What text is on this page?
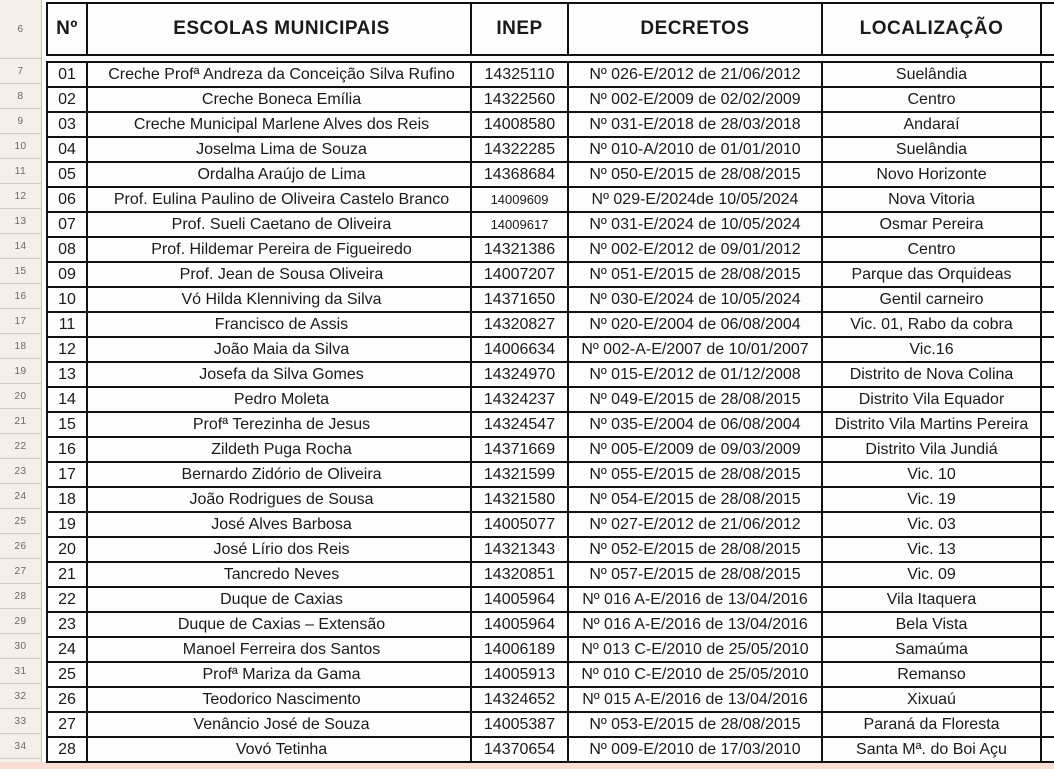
6
7
8
9
10
11
12
13
14
15
16
17
18
19
20
21
22
23
24
25
26
27
28
29
30
31
32
33
34
Nº	ESCOLAS MUNICIPAIS	INEP	DECRETOS	LOCALIZAÇÃO
01	Creche Profª Andreza da Conceição Silva Rufino	14325110	Nº 026-E/2012 de 21/06/2012	Suelândia
02	Creche Boneca Emília	14322560	Nº 002-E/2009 de 02/02/2009	Centro
03	Creche Municipal Marlene Alves dos Reis	14008580	Nº 031-E/2018 de 28/03/2018	Andaraí
04	Joselma Lima de Souza	14322285	Nº 010-A/2010 de 01/01/2010	Suelândia
05	Ordalha Araújo de Lima	14368684	Nº 050-E/2015 de 28/08/2015	Novo Horizonte
06	Prof. Eulina Paulino de Oliveira Castelo Branco	14009609	Nº 029-E/2024de 10/05/2024	Nova Vitoria
07	Prof. Sueli Caetano de Oliveira	14009617	Nº 031-E/2024 de 10/05/2024	Osmar Pereira
08	Prof. Hildemar Pereira de Figueiredo	14321386	Nº 002-E/2012 de 09/01/2012	Centro
09	Prof. Jean de Sousa Oliveira	14007207	Nº 051-E/2015 de 28/08/2015	Parque das Orquideas
10	Vó Hilda Klenniving da Silva	14371650	Nº 030-E/2024 de 10/05/2024	Gentil carneiro
11	Francisco de Assis	14320827	Nº 020-E/2004 de 06/08/2004	Vic. 01, Rabo da cobra
12	João Maia da Silva	14006634	Nº 002-A-E/2007 de 10/01/2007	Vic.16
13	Josefa da Silva Gomes	14324970	Nº 015-E/2012 de 01/12/2008	Distrito de Nova Colina
14	Pedro Moleta	14324237	Nº 049-E/2015 de 28/08/2015	Distrito Vila Equador
15	Profª Terezinha de Jesus	14324547	Nº 035-E/2004 de 06/08/2004	Distrito Vila Martins Pereira
16	Zildeth Puga Rocha	14371669	Nº 005-E/2009 de 09/03/2009	Distrito Vila Jundiá
17	Bernardo Zidório de Oliveira	14321599	Nº 055-E/2015 de 28/08/2015	Vic. 10
18	João Rodrigues de Sousa	14321580	Nº 054-E/2015 de 28/08/2015	Vic. 19
19	José Alves Barbosa	14005077	Nº 027-E/2012 de 21/06/2012	Vic. 03
20	José Lírio dos Reis	14321343	Nº 052-E/2015 de 28/08/2015	Vic. 13
21	Tancredo Neves	14320851	Nº 057-E/2015 de 28/08/2015	Vic. 09
22	Duque de Caxias	14005964	Nº 016 A-E/2016 de 13/04/2016	Vila Itaquera
23	Duque de Caxias – Extensão	14005964	Nº 016 A-E/2016 de 13/04/2016	Bela Vista
24	Manoel Ferreira dos Santos	14006189	Nº 013 C-E/2010 de 25/05/2010	Samaúma
25	Profª Mariza da Gama	14005913	Nº 010 C-E/2010 de 25/05/2010	Remanso
26	Teodorico Nascimento	14324652	Nº 015 A-E/2016 de 13/04/2016	Xixuaú
27	Venâncio José de Souza	14005387	Nº 053-E/2015 de 28/08/2015	Paraná da Floresta
28	Vovó Tetinha	14370654	Nº 009-E/2010 de 17/03/2010	Santa Mª. do Boi Açu
